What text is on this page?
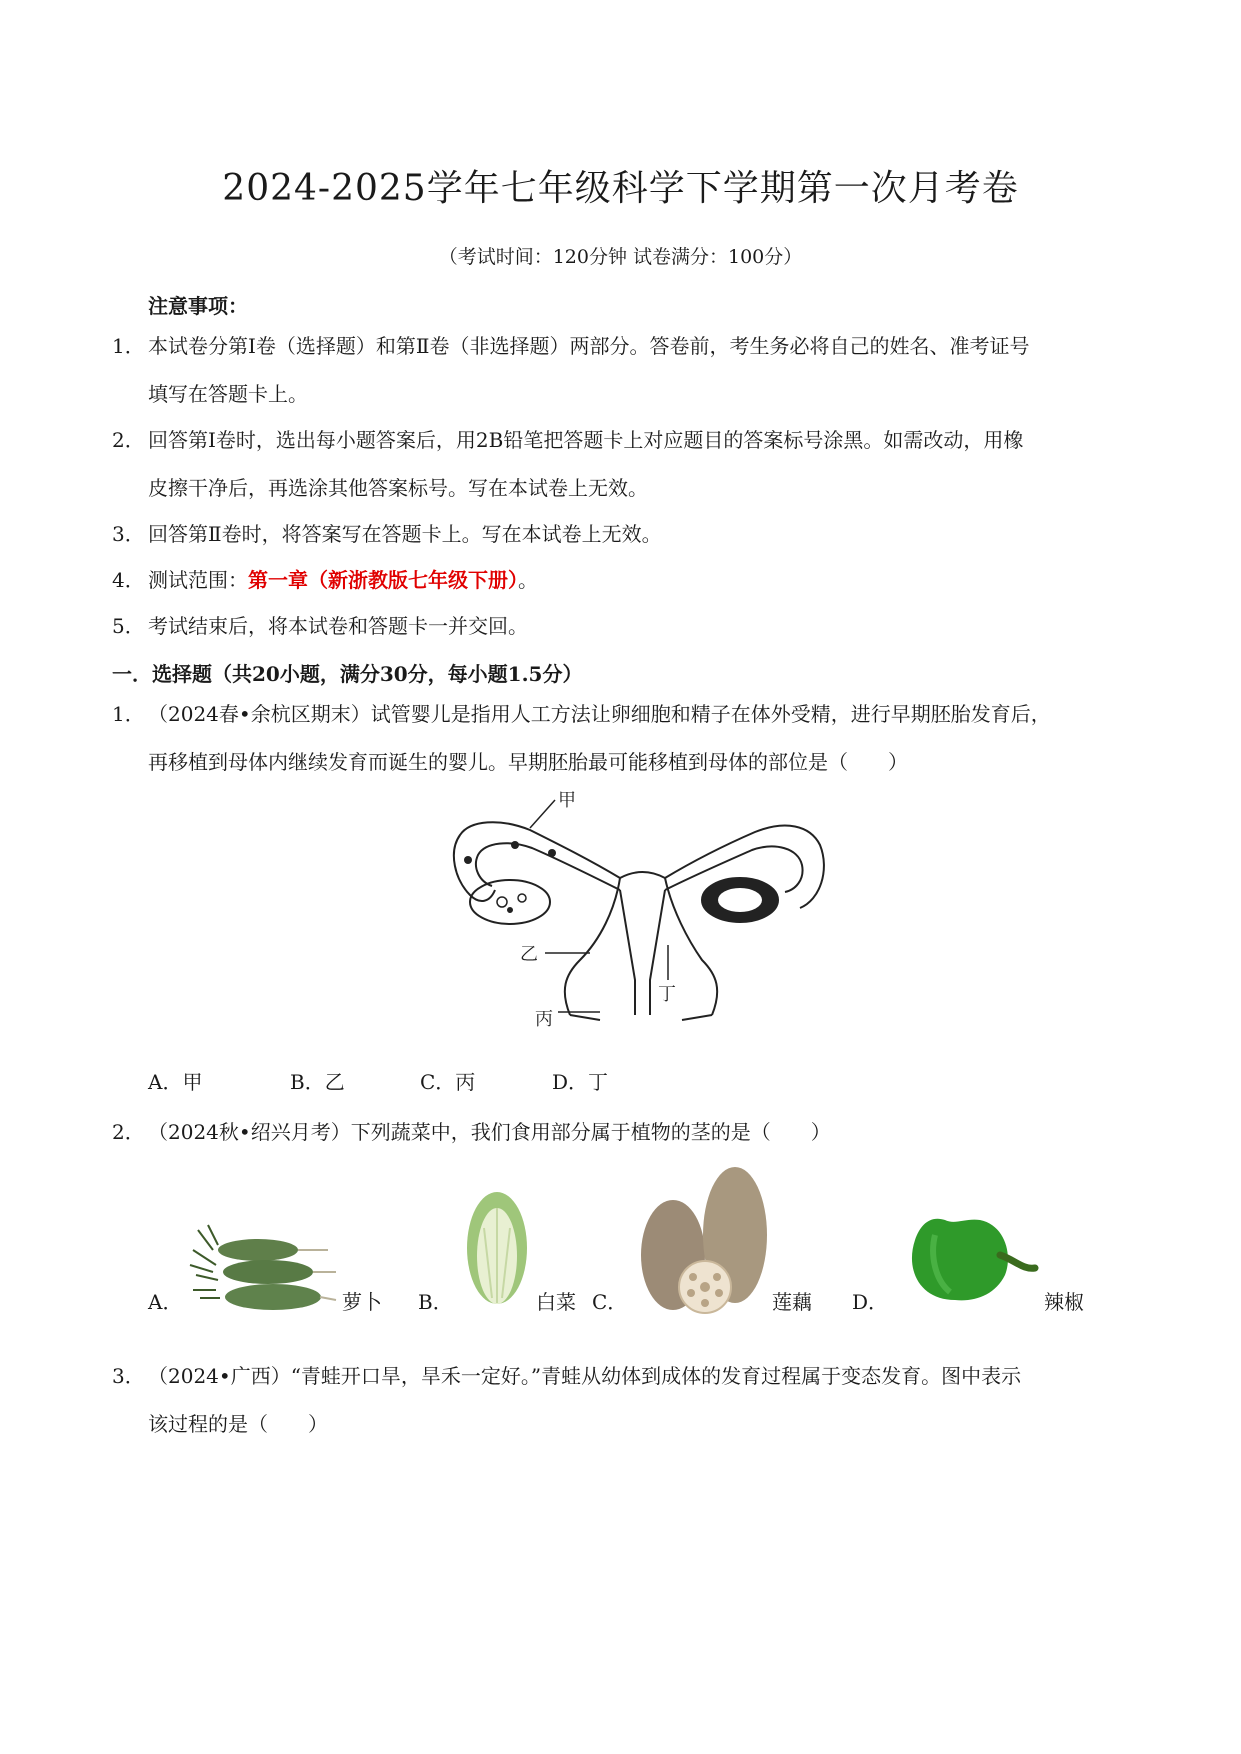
2024-2025学年七年级科学下学期第一次月考卷
（考试时间：120分钟 试卷满分：100分）
注意事项：
1． 本试卷分第Ⅰ卷（选择题）和第Ⅱ卷（非选择题）两部分。答卷前，考生务必将自己的姓名、准考证号
填写在答题卡上。
2． 回答第Ⅰ卷时，选出每小题答案后，用2B铅笔把答题卡上对应题目的答案标号涂黑。如需改动，用橡
皮擦干净后，再选涂其他答案标号。写在本试卷上无效。
3． 回答第Ⅱ卷时，将答案写在答题卡上。写在本试卷上无效。
4． 测试范围：第一章（新浙教版七年级下册）。
5． 考试结束后，将本试卷和答题卡一并交回。
一．选择题（共20小题，满分30分，每小题1.5分）
1． （2024春•余杭区期末）试管婴儿是指用人工方法让卵细胞和精子在体外受精，进行早期胚胎发育后，
再移植到母体内继续发育而诞生的婴儿。早期胚胎最可能移植到母体的部位是（　　）
甲
乙
丙
丁
A．甲	B．乙	C．丙	D．丁
2． （2024秋•绍兴月考）下列蔬菜中，我们食用部分属于植物的茎的是（　　）
A．	萝卜 B．	白菜 C．	莲藕 D．	辣椒
3． （2024•广西）“青蛙开口旱，旱禾一定好。”青蛙从幼体到成体的发育过程属于变态发育。图中表示
该过程的是（　　）
